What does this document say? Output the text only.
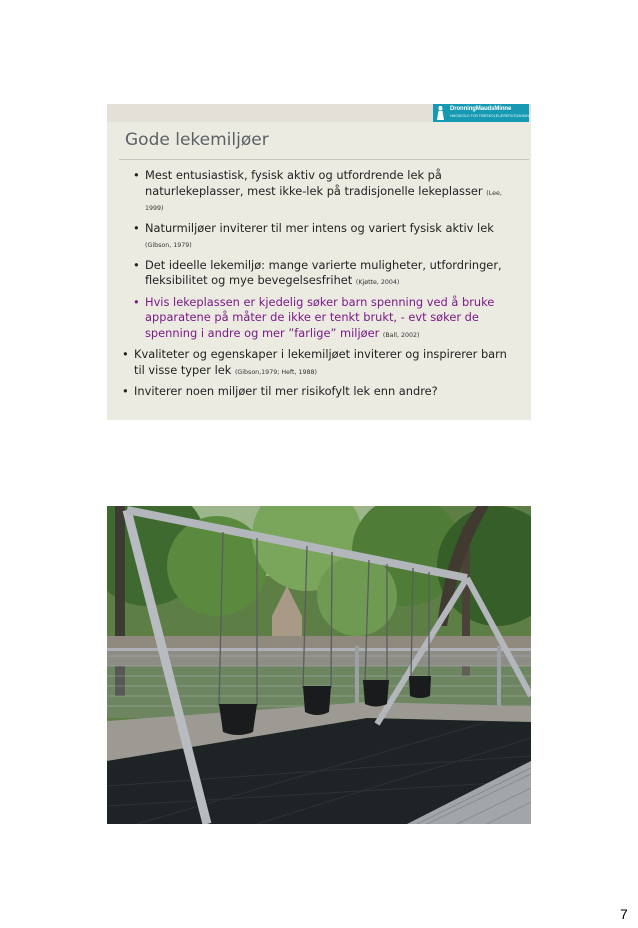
DronningMaudsMinne
HØGSKOLE FOR FØRSKOLELÆRERUTDANNING
Gode lekemiljøer
• Mest entusiastisk, fysisk aktiv og utfordrende lek på naturlekeplasser, mest ikke-lek på tradisjonelle lekeplasser (Lee, 1999)
• Naturmiljøer inviterer til mer intens og variert fysisk aktiv lek
(Gibson, 1979)
• Det ideelle lekemiljø: mange varierte muligheter, utfordringer, fleksibilitet og mye bevegelsesfrihet (Kjøtte, 2004)
• Hvis lekeplassen er kjedelig søker barn spenning ved å bruke apparatene på måter de ikke er tenkt brukt, - evt søker de spenning i andre og mer ”farlige” miljøer (Ball, 2002)
• Kvaliteter og egenskaper i lekemiljøet inviterer og inspirerer barn til visse typer lek (Gibson,1979; Heft, 1988)
• Inviterer noen miljøer til mer risikofylt lek enn andre?
7
